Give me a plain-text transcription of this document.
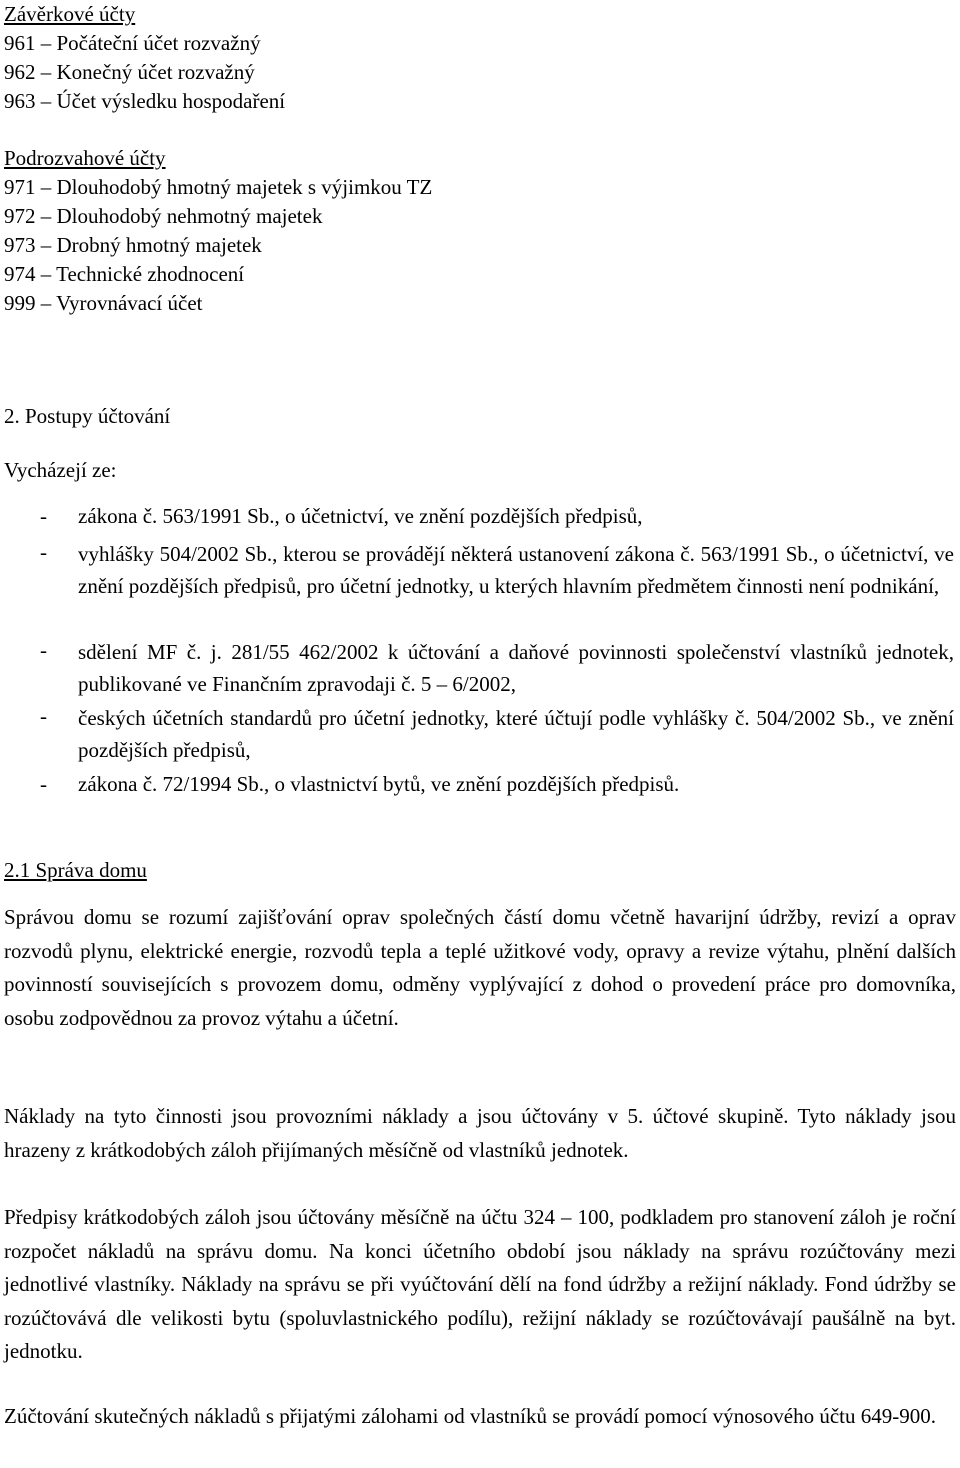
Závěrkové účty
961 – Počáteční účet rozvažný
962 – Konečný účet rozvažný
963 – Účet výsledku hospodaření
Podrozvahové účty
971 – Dlouhodobý hmotný majetek s výjimkou TZ
972 – Dlouhodobý nehmotný majetek
973 – Drobný hmotný majetek
974 – Technické zhodnocení
999 – Vyrovnávací účet
2. Postupy účtování
Vycházejí ze:
- zákona č. 563/1991 Sb., o účetnictví, ve znění pozdějších předpisů,
- vyhlášky 504/2002 Sb., kterou se provádějí některá ustanovení zákona č. 563/1991 Sb., o účetnictví, ve znění pozdějších předpisů, pro účetní jednotky, u kterých hlavním předmětem činnosti není podnikání,
- sdělení MF č. j. 281/55 462/2002 k účtování a daňové povinnosti společenství vlastníků jednotek, publikované ve Finančním zpravodaji č. 5 – 6/2002,
- českých účetních standardů pro účetní jednotky, které účtují podle vyhlášky č. 504/2002 Sb., ve znění pozdějších předpisů,
- zákona č. 72/1994 Sb., o vlastnictví bytů, ve znění pozdějších předpisů.
2.1 Správa domu
Správou domu se rozumí zajišťování oprav společných částí domu včetně havarijní údržby, revizí a oprav rozvodů plynu, elektrické energie, rozvodů tepla a teplé užitkové vody, opravy a revize výtahu, plnění dalších povinností souvisejících s provozem domu, odměny vyplývající z dohod o provedení práce pro domovníka, osobu zodpovědnou za provoz výtahu a účetní.
Náklady na tyto činnosti jsou provozními náklady a jsou účtovány v 5. účtové skupině. Tyto náklady jsou hrazeny z krátkodobých záloh přijímaných měsíčně od vlastníků jednotek.
Předpisy krátkodobých záloh jsou účtovány měsíčně na účtu 324 – 100, podkladem pro stanovení záloh je roční rozpočet nákladů na správu domu. Na konci účetního období jsou náklady na správu rozúčtovány mezi jednotlivé vlastníky. Náklady na správu se při vyúčtování dělí na fond údržby a režijní náklady. Fond údržby se rozúčtovává dle velikosti bytu (spoluvlastnického podílu), režijní náklady se rozúčtovávají paušálně na byt. jednotku.
Zúčtování skutečných nákladů s přijatými zálohami od vlastníků se provádí pomocí výnosového účtu 649-900.
